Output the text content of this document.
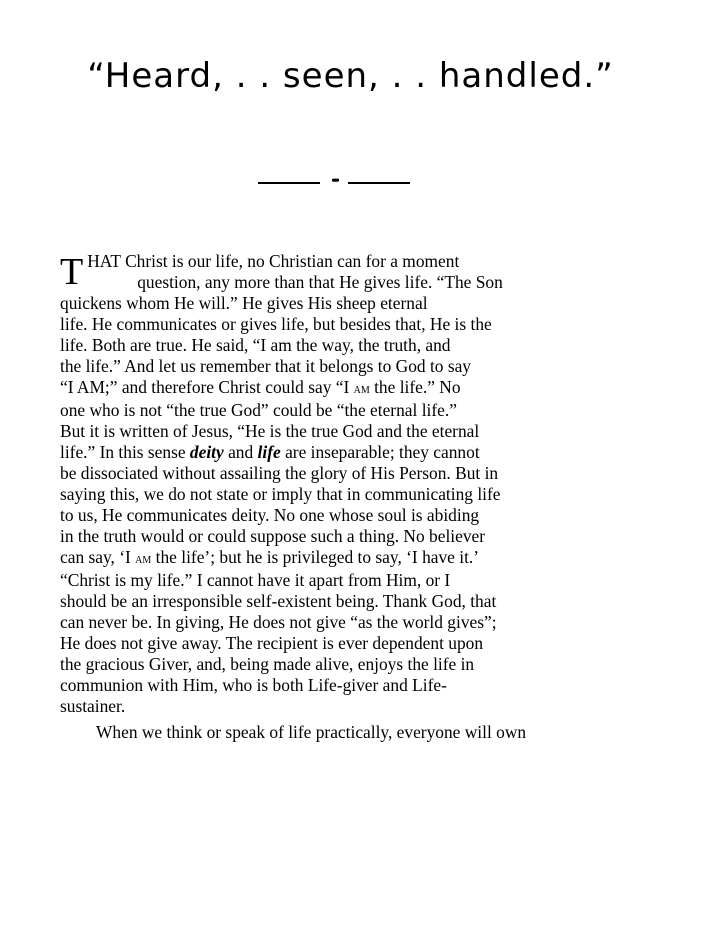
“Heard, . . seen, . . handled.”
•••

THAT Christ is our life, no Christian can for a moment
question, any more than that He gives life. “The Son
quickens whom He will.” He gives His sheep eternal
life. He communicates or gives life, but besides that, He is the
life. Both are true. He said, “I am the way, the truth, and
the life.” And let us remember that it belongs to God to say
“I AM;” and therefore Christ could say “I am the life.” No
one who is not “the true God” could be “the eternal life.”
But it is written of Jesus, “He is the true God and the eternal
life.” In this sense deity and life are inseparable; they cannot
be dissociated without assailing the glory of His Person. But in
saying this, we do not state or imply that in communicating life
to us, He communicates deity. No one whose soul is abiding
in the truth would or could suppose such a thing. No believer
can say, ‘I am the life’; but he is privileged to say, ‘I have it.’
“Christ is my life.” I cannot have it apart from Him, or I
should be an irresponsible self-existent being. Thank God, that
can never be. In giving, He does not give “as the world gives”;
He does not give away. The recipient is ever dependent upon
the gracious Giver, and, being made alive, enjoys the life in
communion with Him, who is both Life-giver and Life-
sustainer.

When we think or speak of life practically, everyone will own
